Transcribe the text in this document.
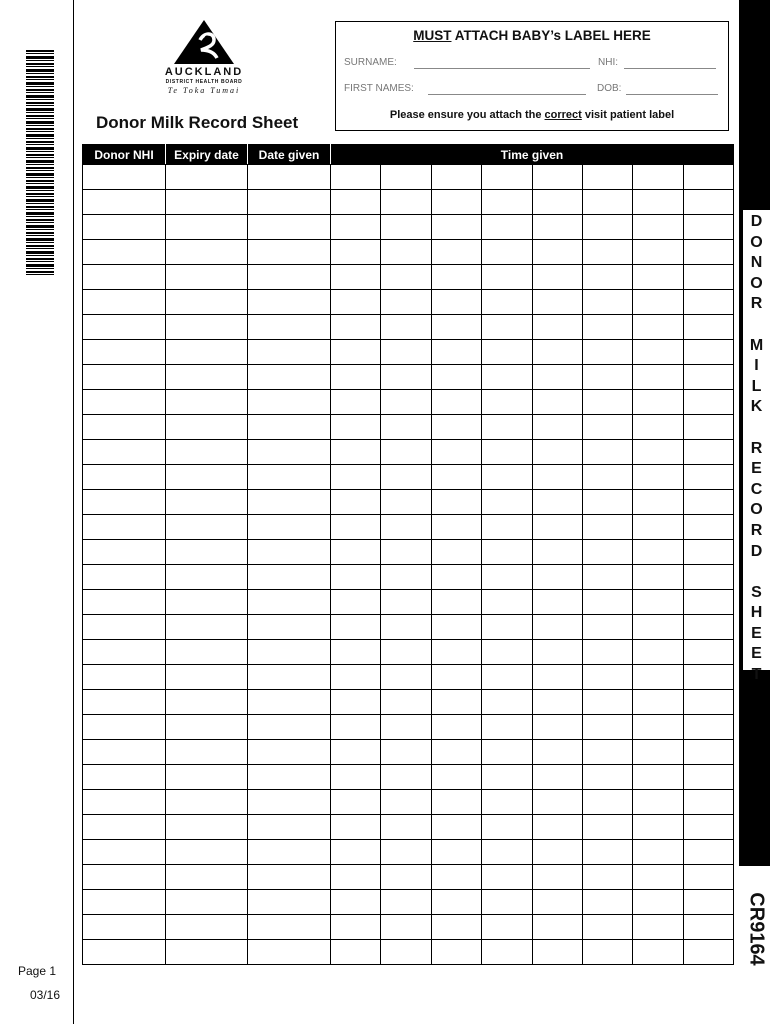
AUCKLAND
DISTRICT HEALTH BOARD
Te Toka Tumai
Donor Milk Record Sheet
MUST ATTACH BABY’s LABEL HERE
SURNAME:	NHI:
FIRST NAMES:	DOB:
Please ensure you attach the correct visit patient label
Donor NHI	Expiry date	Date given	Time given							

D
O
N
O
R
M
I
L
K
R
E
C
O
R
D
S
H
E
E
T
CR9164
Page 1
03/16
